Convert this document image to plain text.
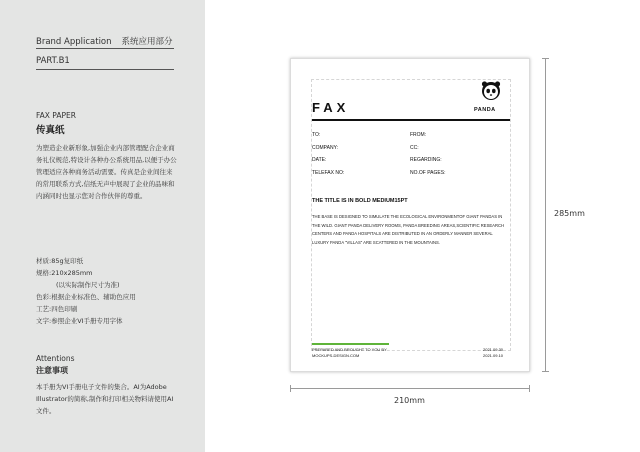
Brand Application 系统应用部分
PART.B1
FAX PAPER
传真纸
为塑造企业新形象,加强企业内部管理配合企业商务礼仪规范,特设计各种办公系统用品,以便于办公管理适应各种商务活动需要。传真是企业间往来的常用联系方式,信纸无声中展现了企业的品味和内涵同时也显示您对合作伙伴的尊重。
材质:85g复印纸
规格:210x285mm
(以实际制作尺寸为准)
色彩:根据企业标准色、辅助色应用
工艺:四色印刷
文字:参照企业VI手册专用字体
Attentions
注意事项
本手册为VI手册电子文件的集合。AI为Adobe Illustrator的简称,制作和打印相关物料请使用AI文件。
FAX	PANDA
TO:
COMPANY:
DATE:
TELEFAX NO:
FROM:
CC:
REGARDING:
NO.OF PAGES:
THE TITLE IS IN BOLD MEDIUM15PT
THE BASE IS DESIGNED TO SIMULATE THE ECOLOGICAL ENVIRONMENTOF GIANT PANDAS IN THE WILD. GIANT PANDA DELIVERY ROOMS, PANDA BREEDING AREAS,SCIENTIFIC RESEARCH CENTERS AND PANDA HOSPITALS ARE DISTRIBUTED IN AN ORDERLY MANNER SEVERAL LUXURY PANDA "VILLAS" ARE SCATTERED IN THE MOUNTAINS.
PREPARED AND BROUGHT TO YOU BY
MOCKUPS-DESIGN.COM
2021.09.30
2021.09.10
285mm
210mm
